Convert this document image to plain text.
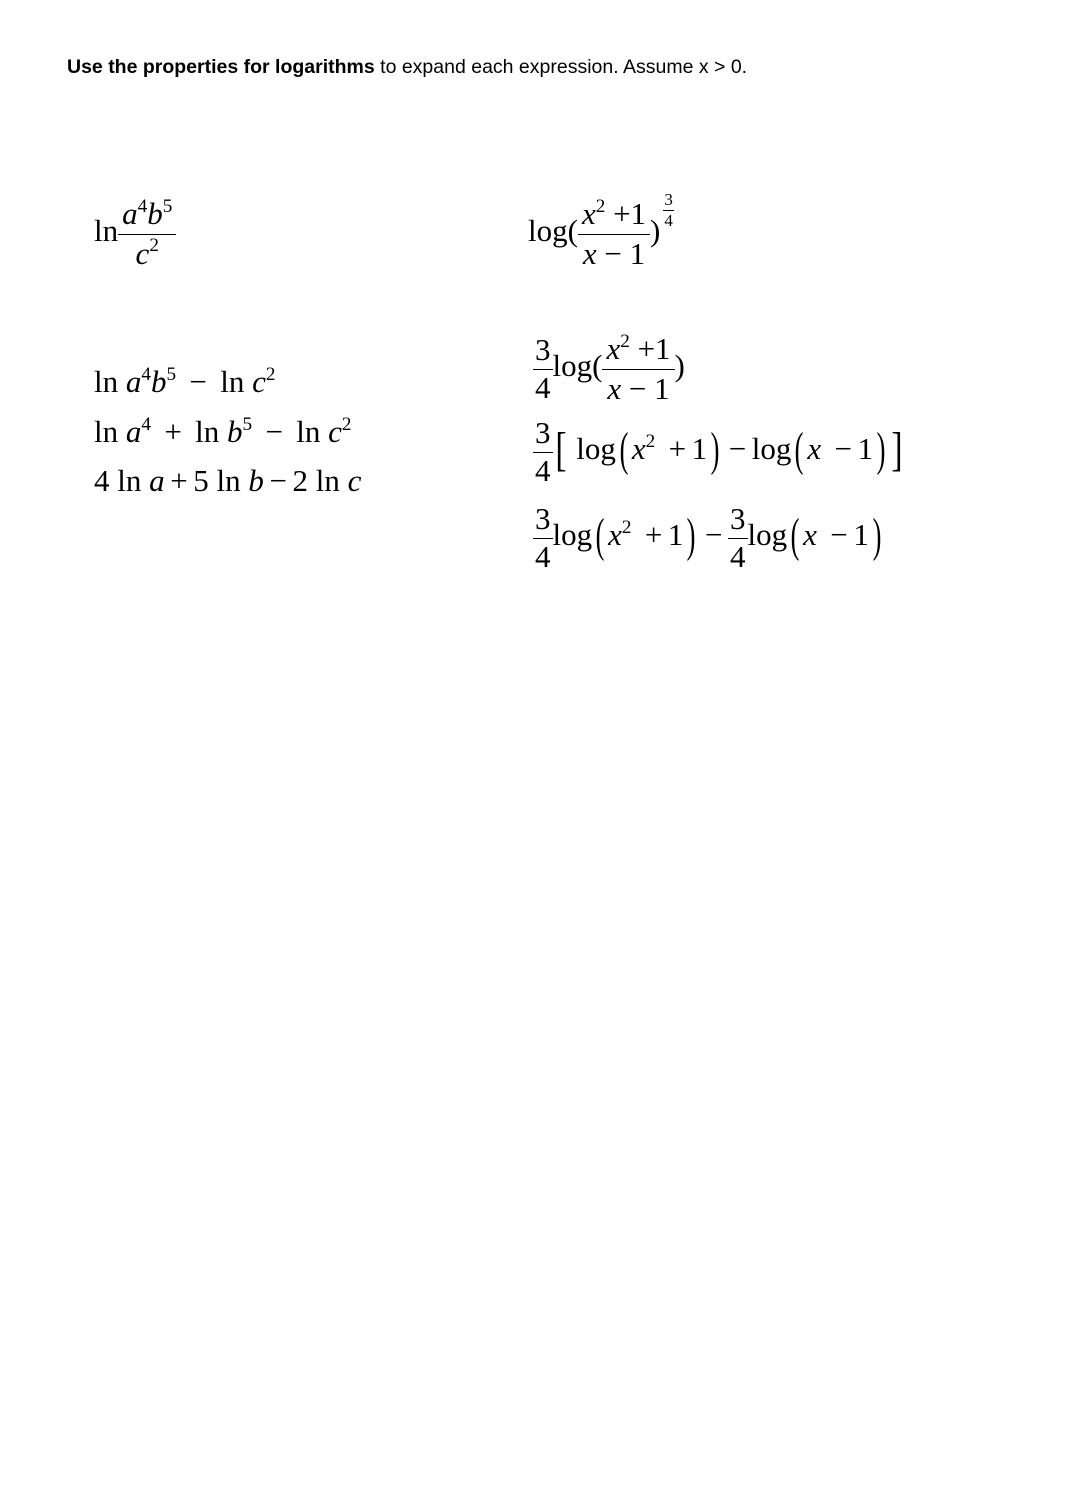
Use the properties for logarithms to expand each expression. Assume x > 0.
$\ln \frac{a^4b^5}{c^2}$	$\log( \frac{x^2 +1}{x - 1}$ )
$\frac{3}{4}$
$\ln a^4b^5 - \ln c^2$
$\ln a^4 + \ln b^5 - \ln c^2$
4 ln a + 5 ln b − 2 ln c
$\frac{3}{4} \log( \frac{x^2 +1}{x - 1}$ )
$\frac{3}{4}$ [ log( $x^2 + 1) - \log$( x − 1) ]
$\frac{3}{4} \log$( $x^2 + 1) - \frac{3}{4} \log$( x − 1)
